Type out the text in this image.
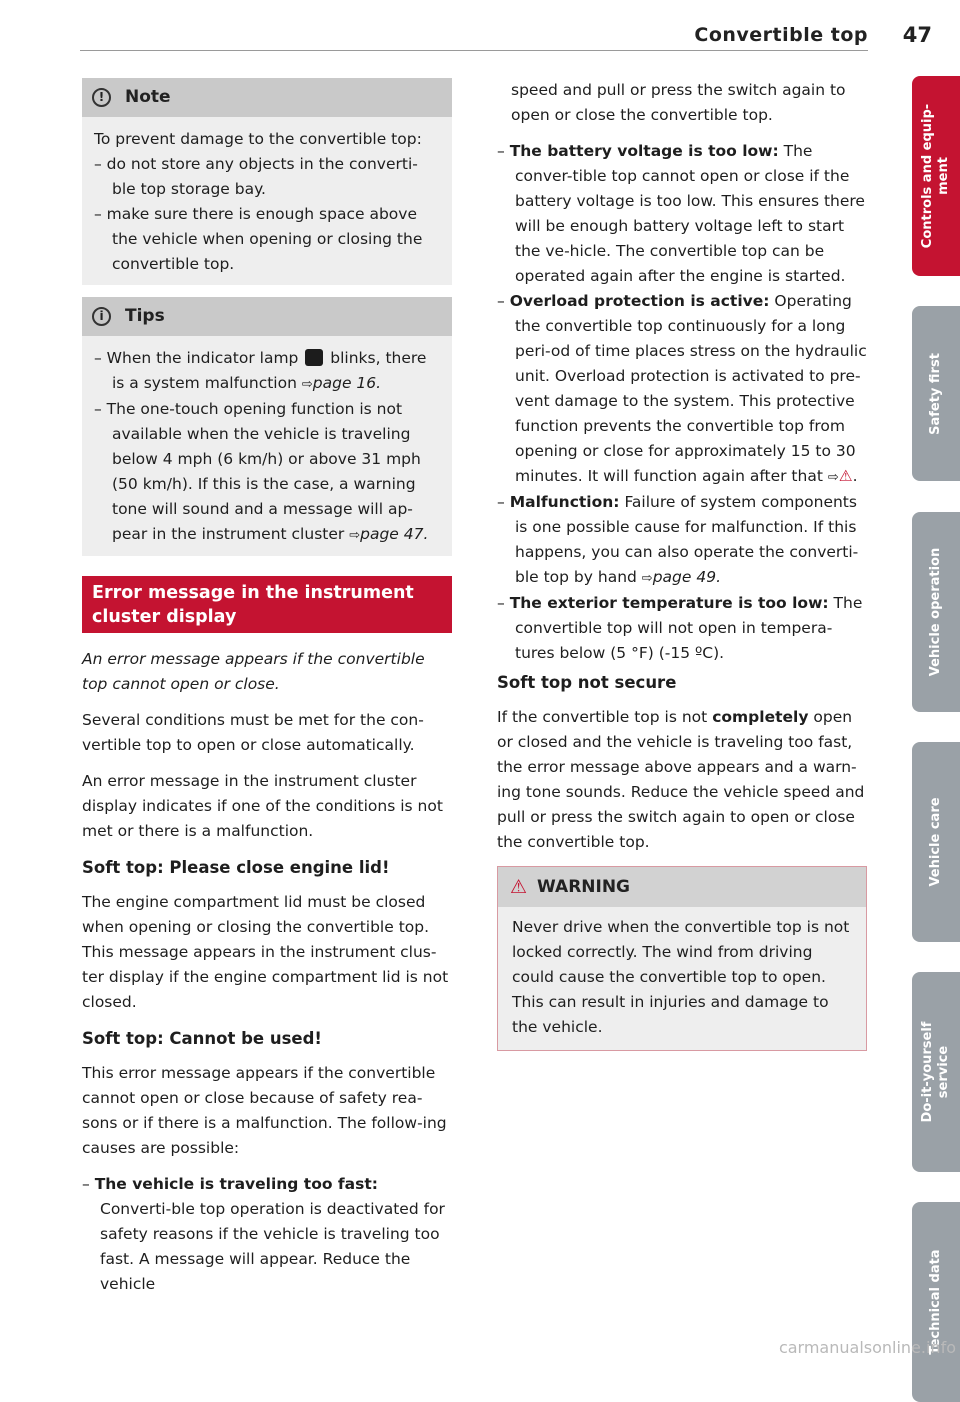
Convertible top 47
Controls and equip-
ment
Safety first
Vehicle operation
Vehicle care
Do-it-yourself
service
Technical data
!	Note

To prevent damage to the convertible top:

– do not store any objects in the converti-ble top storage bay.

– make sure there is enough space above the vehicle when opening or closing the convertible top.

i	Tips

– When the indicator lamp blinks, there is a system malfunction ⇨page 16.

– The one-touch opening function is not available when the vehicle is traveling below 4 mph (6 km/h) or above 31 mph (50 km/h). If this is the case, a warning tone will sound and a message will ap-pear in the instrument cluster ⇨page 47.

Error message in the instrument cluster display

An error message appears if the convertible top cannot open or close.

Several conditions must be met for the con-vertible top to open or close automatically.

An error message in the instrument cluster display indicates if one of the conditions is not met or there is a malfunction.

Soft top: Please close engine lid!

The engine compartment lid must be closed when opening or closing the convertible top. This message appears in the instrument clus-ter display if the engine compartment lid is not closed.

Soft top: Cannot be used!

This error message appears if the convertible cannot open or close because of safety rea-sons or if there is a malfunction. The follow-ing causes are possible:

– The vehicle is traveling too fast: Converti-ble top operation is deactivated for safety reasons if the vehicle is traveling too fast. A message will appear. Reduce the vehicle

speed and pull or press the switch again to open or close the convertible top.

– The battery voltage is too low: The conver-tible top cannot open or close if the battery voltage is too low. This ensures there will be enough battery voltage left to start the ve-hicle. The convertible top can be operated again after the engine is started.

– Overload protection is active: Operating the convertible top continuously for a long peri-od of time places stress on the hydraulic unit. Overload protection is activated to pre-vent damage to the system. This protective function prevents the convertible top from opening or close for approximately 15 to 30 minutes. It will function again after that ⇨⚠.

– Malfunction: Failure of system components is one possible cause for malfunction. If this happens, you can also operate the converti-ble top by hand ⇨page 49.

– The exterior temperature is too low: The convertible top will not open in tempera-tures below (5 °F) (-15 ºC).

Soft top not secure

If the convertible top is not completely open or closed and the vehicle is traveling too fast, the error message above appears and a warn-ing tone sounds. Reduce the vehicle speed and pull or press the switch again to open or close the convertible top.

⚠ WARNING
Never drive when the convertible top is not locked correctly. The wind from driving could cause the convertible top to open. This can result in injuries and damage to the vehicle.
carmanualsonline.info
